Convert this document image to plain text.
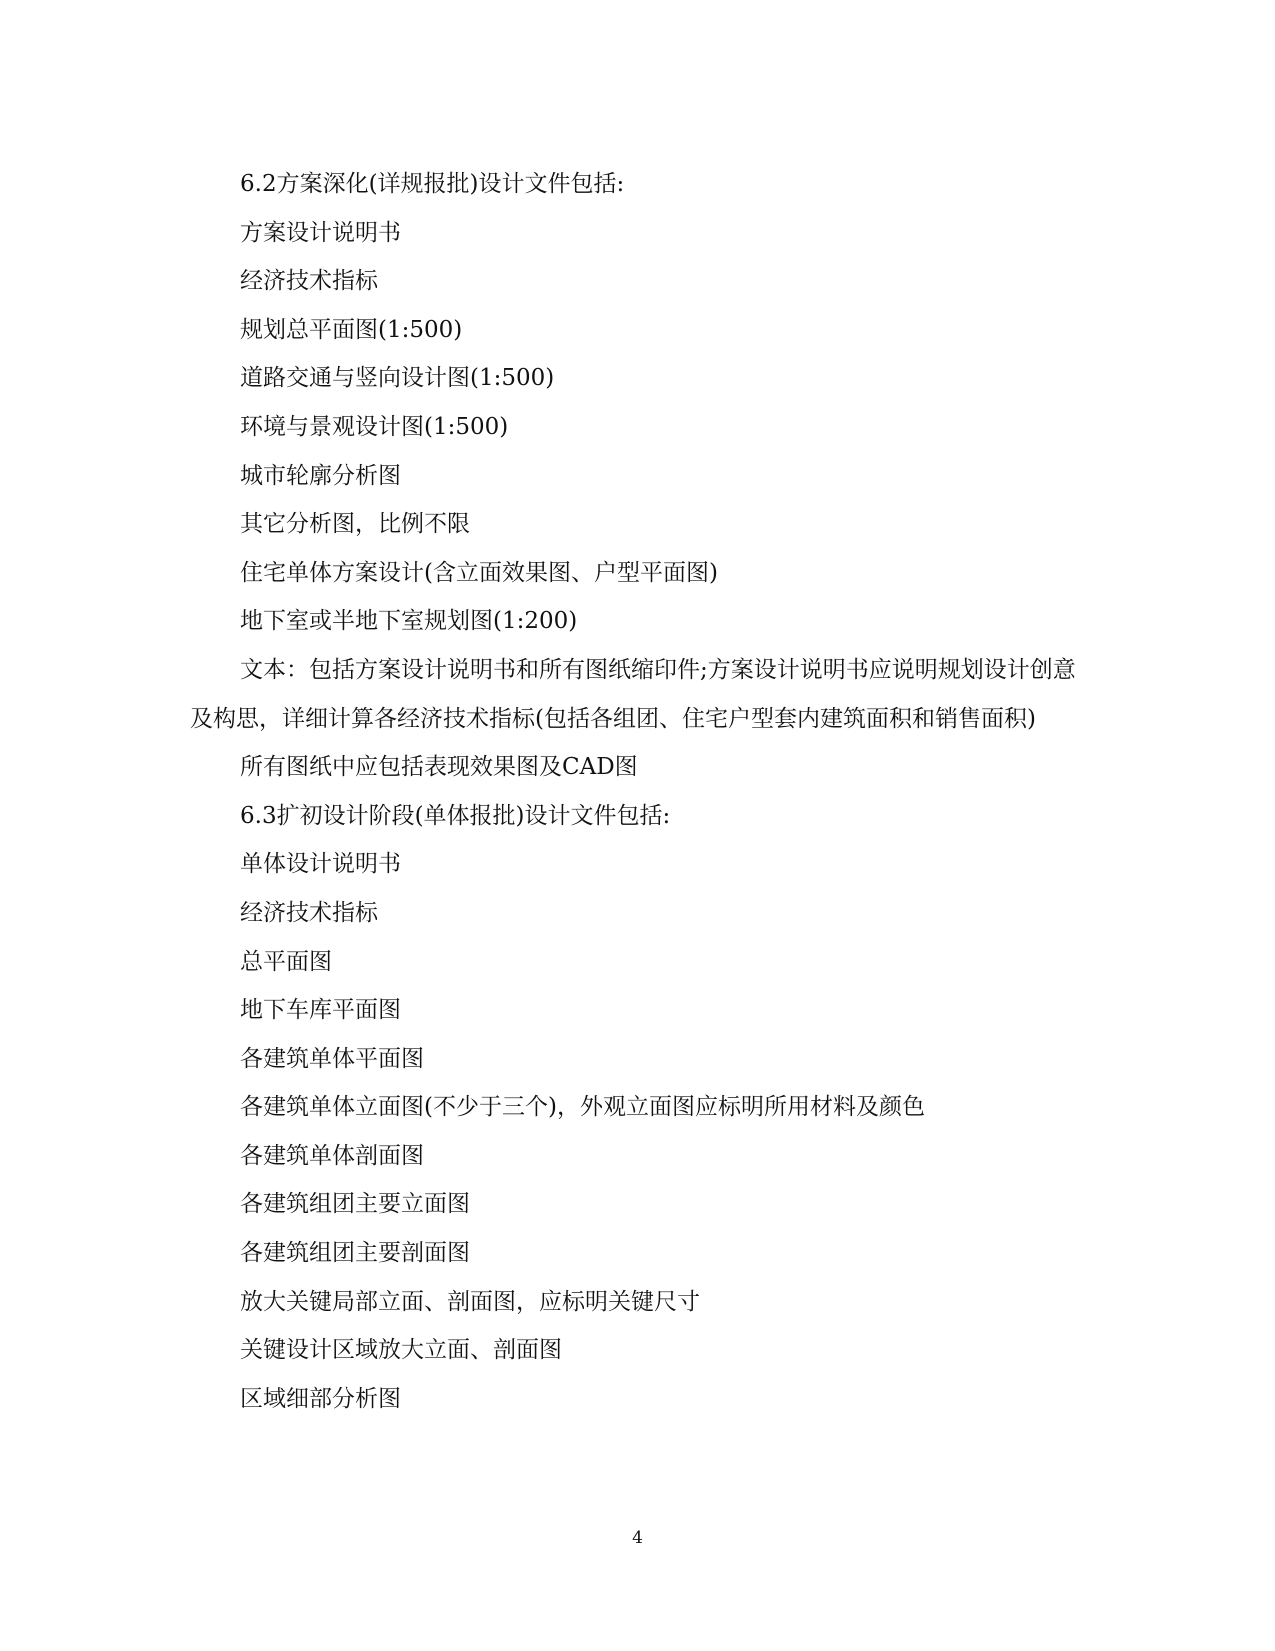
6.2方案深化(详规报批)设计文件包括:
方案设计说明书
经济技术指标
规划总平面图(1:500)
道路交通与竖向设计图(1:500)
环境与景观设计图(1:500)
城市轮廓分析图
其它分析图，比例不限
住宅单体方案设计(含立面效果图、户型平面图)
地下室或半地下室规划图(1:200)
文本：包括方案设计说明书和所有图纸缩印件;方案设计说明书应说明规划设计创意及构思，详细计算各经济技术指标(包括各组团、住宅户型套内建筑面积和销售面积)
所有图纸中应包括表现效果图及CAD图
6.3扩初设计阶段(单体报批)设计文件包括:
单体设计说明书
经济技术指标
总平面图
地下车库平面图
各建筑单体平面图
各建筑单体立面图(不少于三个)，外观立面图应标明所用材料及颜色
各建筑单体剖面图
各建筑组团主要立面图
各建筑组团主要剖面图
放大关键局部立面、剖面图，应标明关键尺寸
关键设计区域放大立面、剖面图
区域细部分析图
4
